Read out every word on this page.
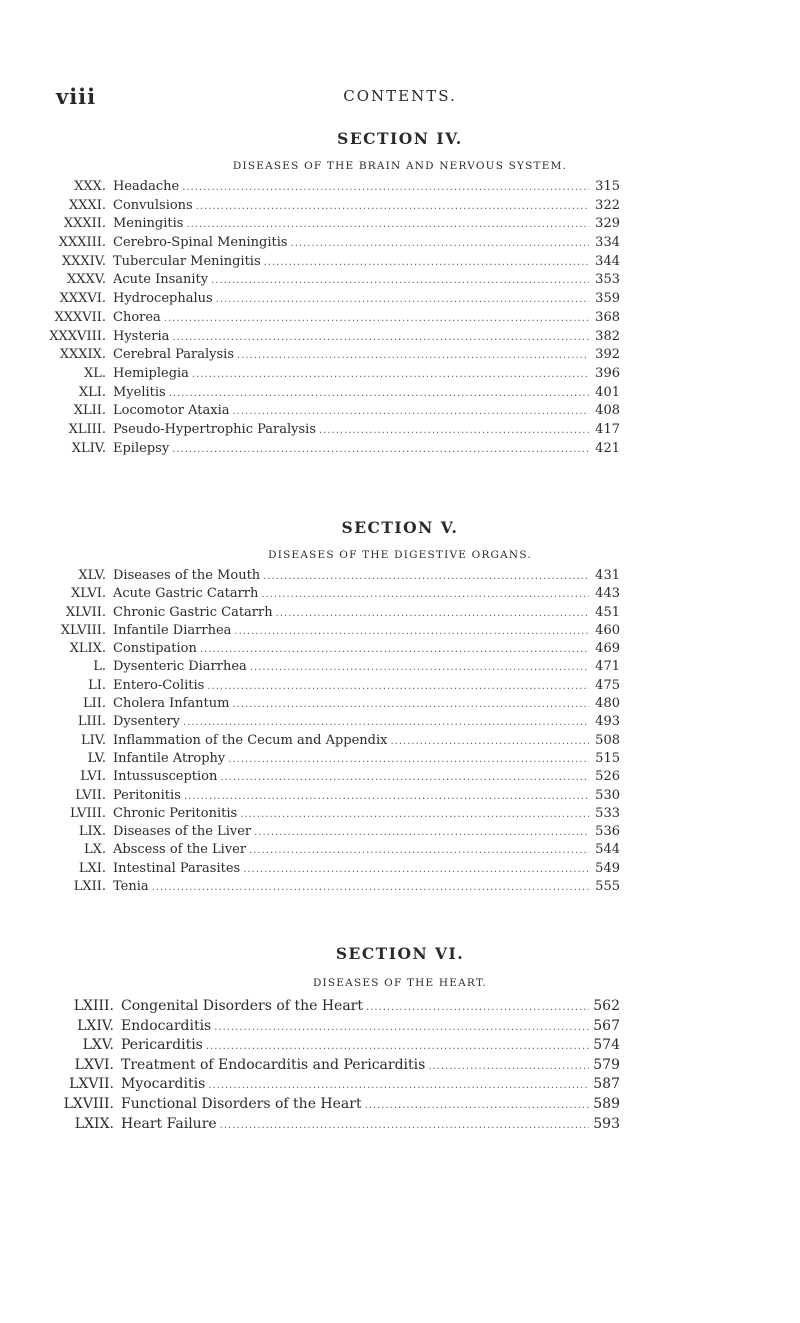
viii	CONTENTS.
SECTION IV.
DISEASES OF THE BRAIN AND NERVOUS SYSTEM.
XXX. Headache .....	315
XXXI. Convulsions .....	322
XXXII. Meningitis .....	329
XXXIII. Cerebro-Spinal Meningitis .....	334
XXXIV. Tubercular Meningitis .....	344
XXXV. Acute Insanity .....	353
XXXVI. Hydrocephalus .....	359
XXXVII. Chorea .....	368
XXXVIII. Hysteria .....	382
XXXIX. Cerebral Paralysis .....	392
XL. Hemiplegia .....	396
XLI. Myelitis .....	401
XLII. Locomotor Ataxia .....	408
XLIII. Pseudo-Hypertrophic Paralysis .....	417
XLIV. Epilepsy .....	421
SECTION V.
DISEASES OF THE DIGESTIVE ORGANS.
XLV. Diseases of the Mouth .....	431
XLVI. Acute Gastric Catarrh .....	443
XLVII. Chronic Gastric Catarrh .....	451
XLVIII. Infantile Diarrhea .....	460
XLIX. Constipation .....	469
L. Dysenteric Diarrhea .....	471
LI. Entero-Colitis .....	475
LII. Cholera Infantum .....	480
LIII. Dysentery .....	493
LIV. Inflammation of the Cecum and Appendix .....	508
LV. Infantile Atrophy .....	515
LVI. Intussusception .....	526
LVII. Peritonitis .....	530
LVIII. Chronic Peritonitis .....	533
LIX. Diseases of the Liver .....	536
LX. Abscess of the Liver .....	544
LXI. Intestinal Parasites .....	549
LXII. Tenia .....	555
SECTION VI.
DISEASES OF THE HEART.
LXIII. Congenital Disorders of the Heart .....	562
LXIV. Endocarditis .....	567
LXV. Pericarditis .....	574
LXVI. Treatment of Endocarditis and Pericarditis .....	579
LXVII. Myocarditis .....	587
LXVIII. Functional Disorders of the Heart .....	589
LXIX. Heart Failure .....	593
